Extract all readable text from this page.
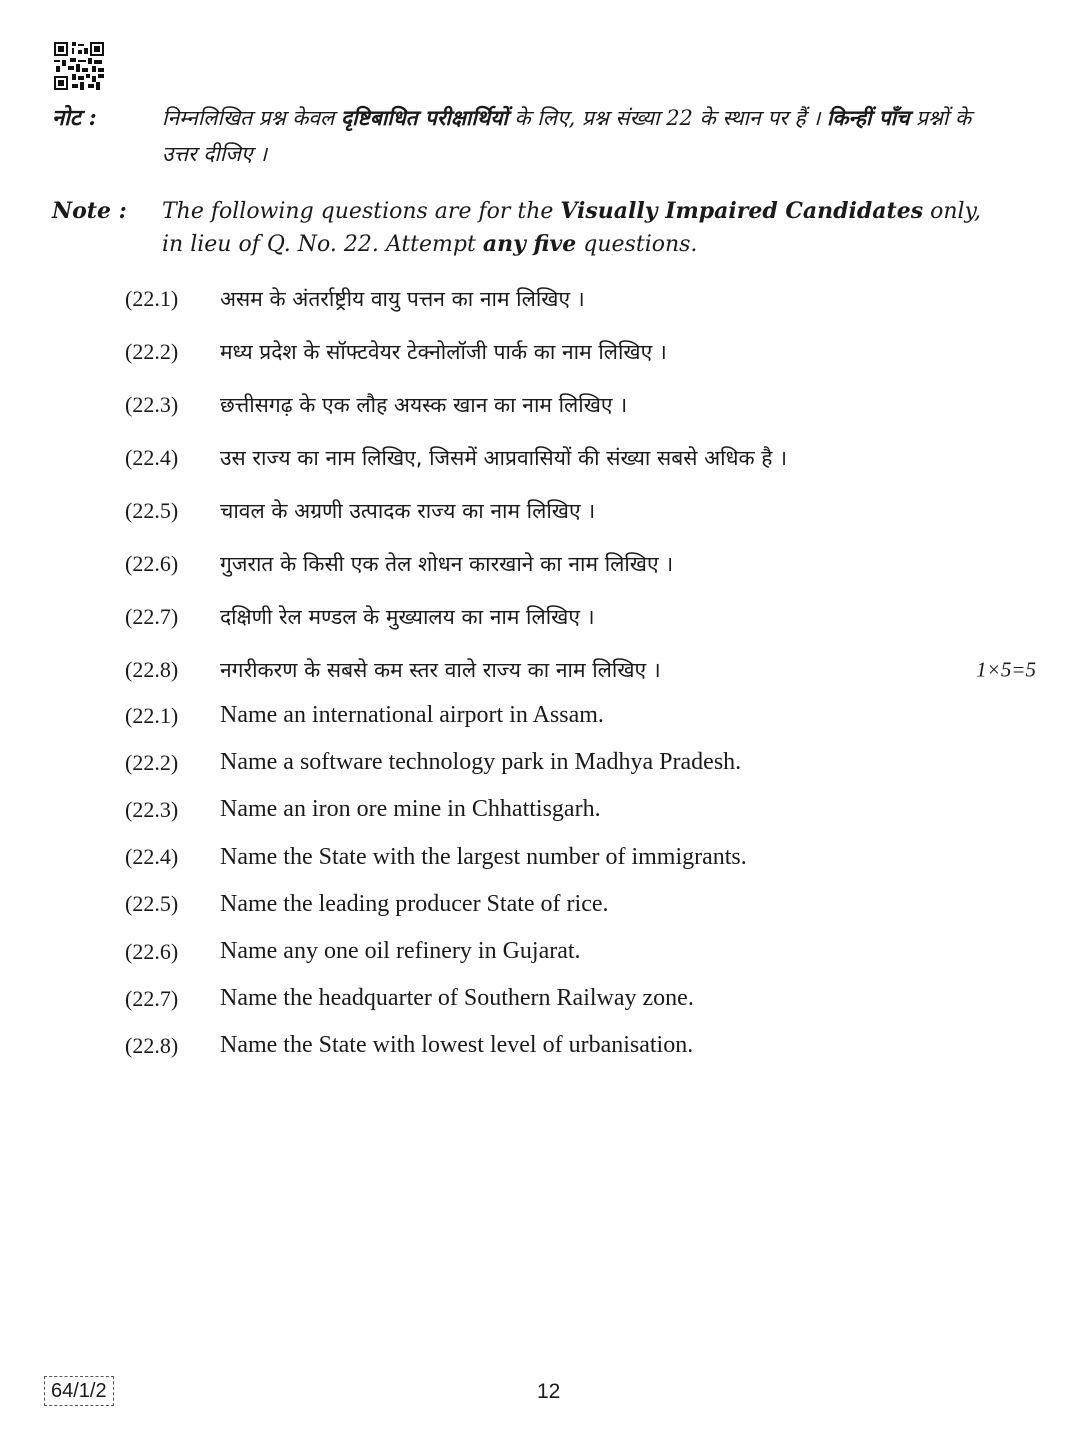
नोट :	निम्नलिखित प्रश्न केवल दृष्टिबाधित परीक्षार्थियों के लिए, प्रश्न संख्या 22 के स्थान पर हैं । किन्हीं पाँच प्रश्नों के उत्तर दीजिए ।
Note :	The following questions are for the Visually Impaired Candidates only, in lieu of Q. No. 22. Attempt any five questions.
(22.1)	असम के अंतर्राष्ट्रीय वायु पत्तन का नाम लिखिए ।
(22.2)	मध्य प्रदेश के सॉफ्टवेयर टेक्नोलॉजी पार्क का नाम लिखिए ।
(22.3)	छत्तीसगढ़ के एक लौह अयस्क खान का नाम लिखिए ।
(22.4)	उस राज्य का नाम लिखिए, जिसमें आप्रवासियों की संख्या सबसे अधिक है ।
(22.5)	चावल के अग्रणी उत्पादक राज्य का नाम लिखिए ।
(22.6)	गुजरात के किसी एक तेल शोधन कारखाने का नाम लिखिए ।
(22.7)	दक्षिणी रेल मण्डल के मुख्यालय का नाम लिखिए ।
(22.8)	नगरीकरण के सबसे कम स्तर वाले राज्य का नाम लिखिए ।	1×5=5
(22.1)	Name an international airport in Assam.
(22.2)	Name a software technology park in Madhya Pradesh.
(22.3)	Name an iron ore mine in Chhattisgarh.
(22.4)	Name the State with the largest number of immigrants.
(22.5)	Name the leading producer State of rice.
(22.6)	Name any one oil refinery in Gujarat.
(22.7)	Name the headquarter of Southern Railway zone.
(22.8)	Name the State with lowest level of urbanisation.
64/1/2	12
